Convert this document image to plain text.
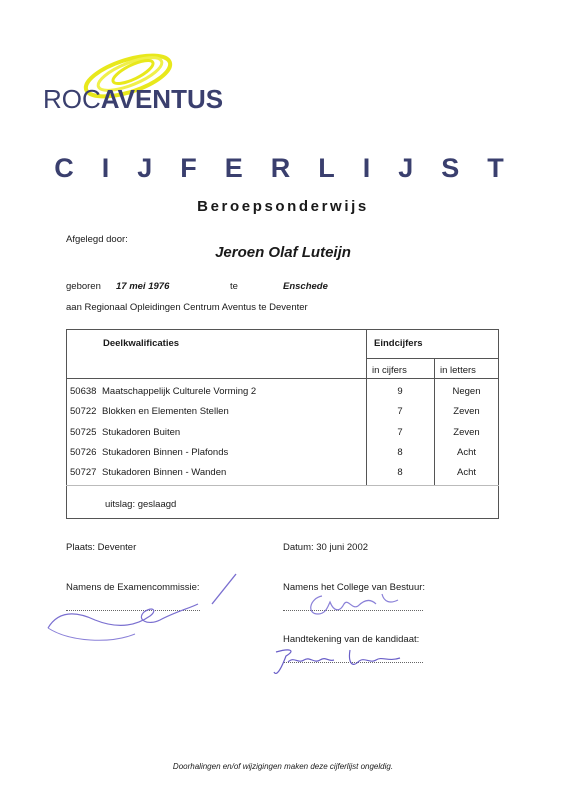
ROCAVENTUS
CIJFERLIJST
Beroepsonderwijs
Afgelegd door:
Jeroen Olaf Luteijn
geboren 17 mei 1976	te	Enschede
aan Regionaal Opleidingen Centrum Aventus te Deventer
Deelkwalificaties	Eindcijfers
in cijfers	in letters
50638 Maatschappelijk Culturele Vorming 2	9	Negen
50722 Blokken en Elementen Stellen	7	Zeven
50725 Stukadoren Buiten	7	Zeven
50726 Stukadoren Binnen - Plafonds	8	Acht
50727 Stukadoren Binnen - Wanden	8	Acht
uitslag: geslaagd
Plaats: Deventer	Datum: 30 juni 2002
Namens de Examencommissie:	Namens het College van Bestuur:
Handtekening van de kandidaat:
Doorhalingen en/of wijzigingen maken deze cijferlijst ongeldig.
